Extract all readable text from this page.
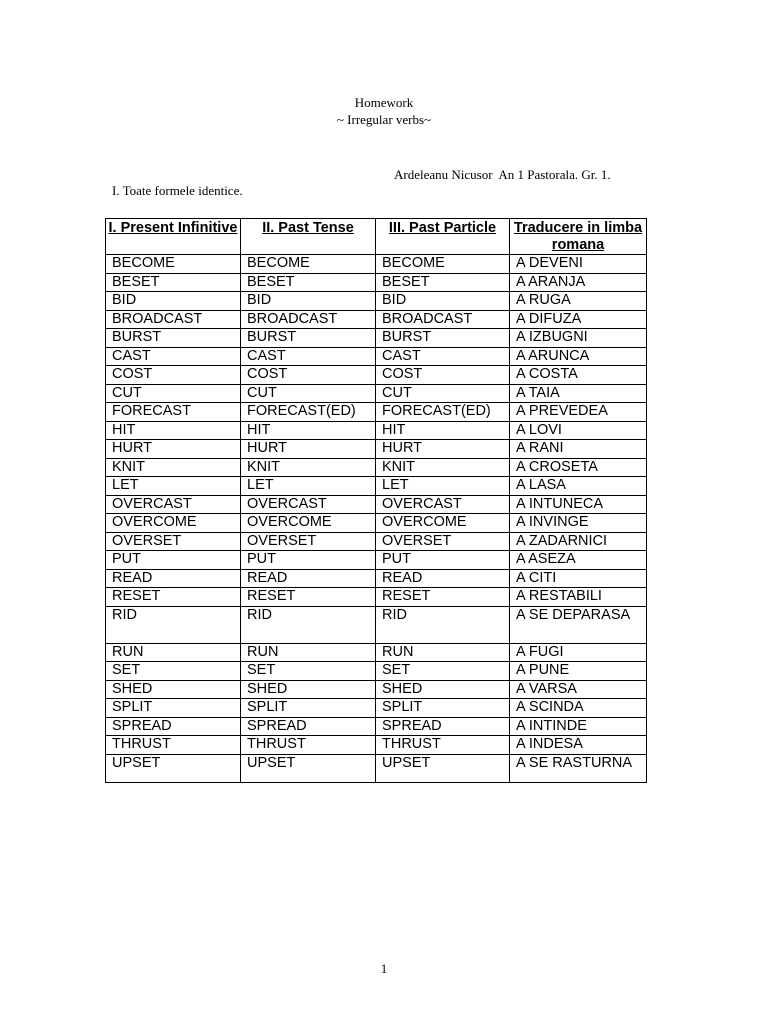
Homework
~ Irregular verbs~
Ardeleanu Nicusor  An 1 Pastorala. Gr. 1.
I. Toate formele identice.
I. Present Infinitive	II. Past Tense	III. Past Particle	Traducere in limba romana
BECOME	BECOME	BECOME	A DEVENI
BESET	BESET	BESET	A ARANJA
BID	BID	BID	A RUGA
BROADCAST	BROADCAST	BROADCAST	A DIFUZA
BURST	BURST	BURST	A IZBUGNI
CAST	CAST	CAST	A ARUNCA
COST	COST	COST	A COSTA
CUT	CUT	CUT	A TAIA
FORECAST	FORECAST(ED)	FORECAST(ED)	A PREVEDEA
HIT	HIT	HIT	A LOVI
HURT	HURT	HURT	A RANI
KNIT	KNIT	KNIT	A CROSETA
LET	LET	LET	A LASA
OVERCAST	OVERCAST	OVERCAST	A INTUNECA
OVERCOME	OVERCOME	OVERCOME	A INVINGE
OVERSET	OVERSET	OVERSET	A ZADARNICI
PUT	PUT	PUT	A ASEZA
READ	READ	READ	A CITI
RESET	RESET	RESET	A RESTABILI
RID	RID	RID	A SE DEPARASA
RUN	RUN	RUN	A FUGI
SET	SET	SET	A PUNE
SHED	SHED	SHED	A VARSA
SPLIT	SPLIT	SPLIT	A SCINDA
SPREAD	SPREAD	SPREAD	A INTINDE
THRUST	THRUST	THRUST	A INDESA
UPSET	UPSET	UPSET	A SE RASTURNA
1
